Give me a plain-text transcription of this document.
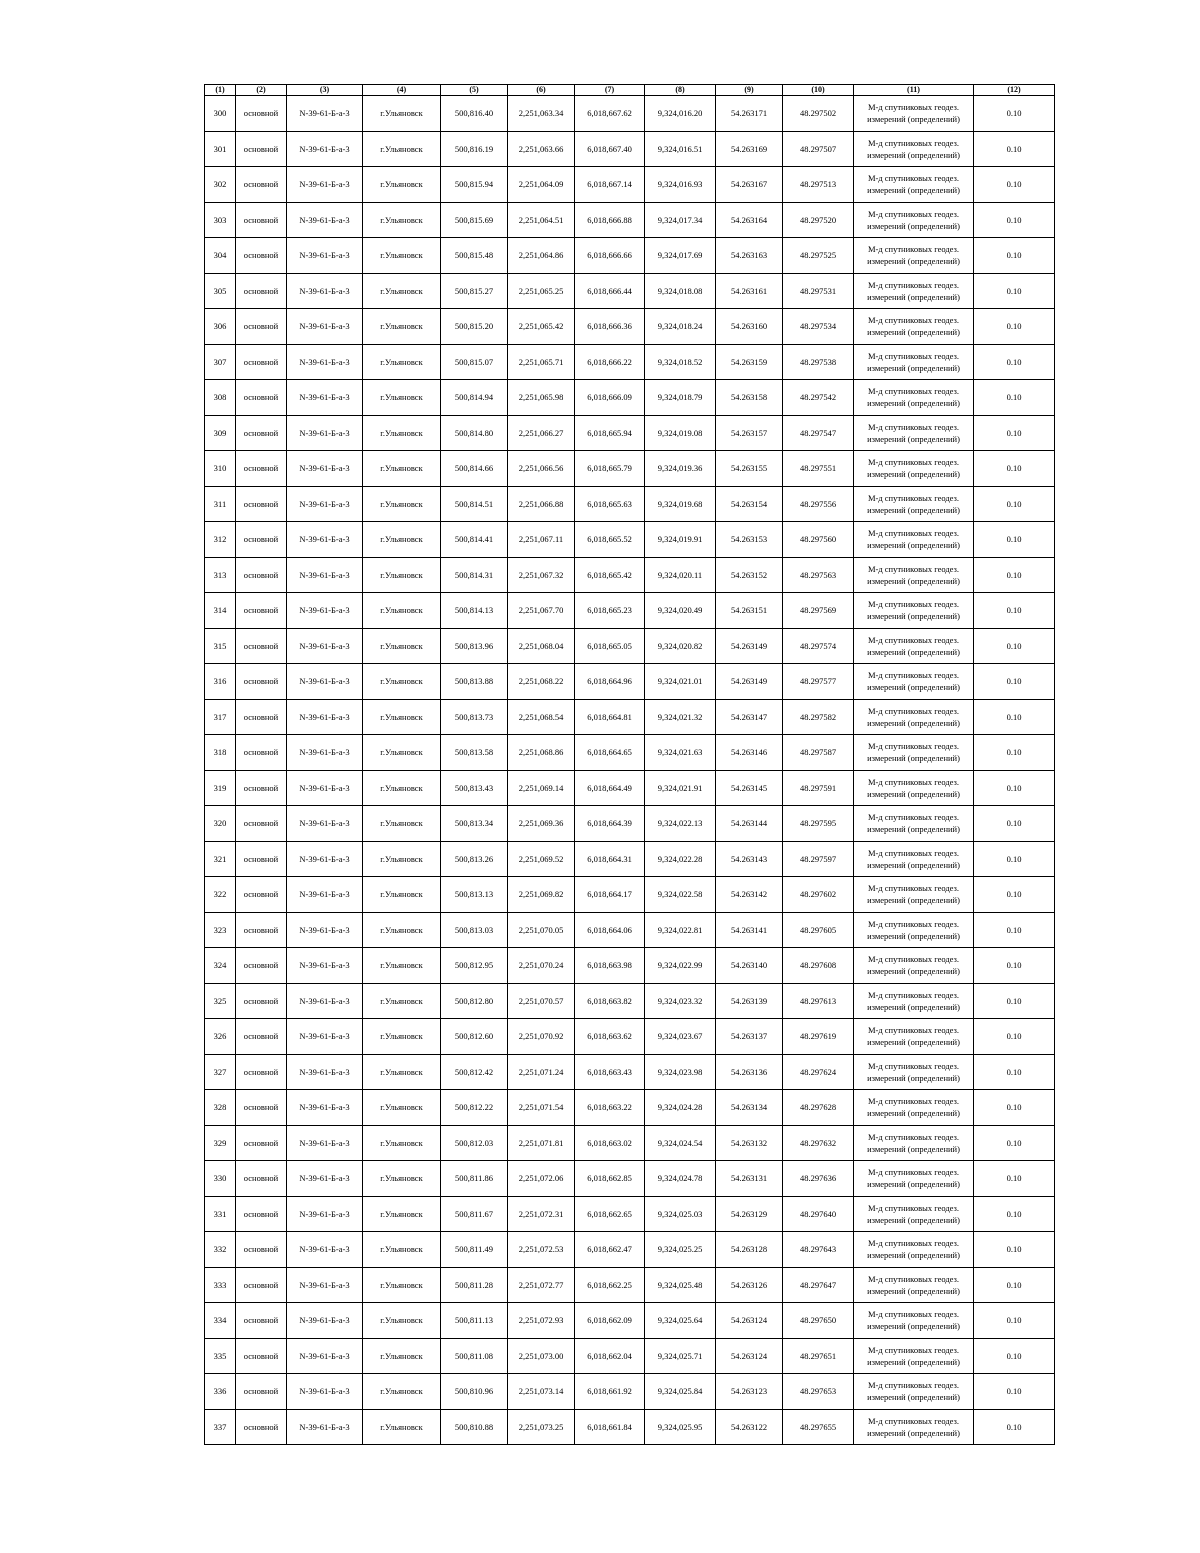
(1)	(2)	(3)	(4)	(5)	(6)	(7)	(8)	(9)	(10)	(11)	(12)
300	основной	N-39-61-Б-а-3	г.Ульяновск	500,816.40	2,251,063.34	6,018,667.62	9,324,016.20	54.263171	48.297502	М-д спутниковых геодез. измерений (определений)	0.10
301	основной	N-39-61-Б-а-3	г.Ульяновск	500,816.19	2,251,063.66	6,018,667.40	9,324,016.51	54.263169	48.297507	М-д спутниковых геодез. измерений (определений)	0.10
302	основной	N-39-61-Б-а-3	г.Ульяновск	500,815.94	2,251,064.09	6,018,667.14	9,324,016.93	54.263167	48.297513	М-д спутниковых геодез. измерений (определений)	0.10
303	основной	N-39-61-Б-а-3	г.Ульяновск	500,815.69	2,251,064.51	6,018,666.88	9,324,017.34	54.263164	48.297520	М-д спутниковых геодез. измерений (определений)	0.10
304	основной	N-39-61-Б-а-3	г.Ульяновск	500,815.48	2,251,064.86	6,018,666.66	9,324,017.69	54.263163	48.297525	М-д спутниковых геодез. измерений (определений)	0.10
305	основной	N-39-61-Б-а-3	г.Ульяновск	500,815.27	2,251,065.25	6,018,666.44	9,324,018.08	54.263161	48.297531	М-д спутниковых геодез. измерений (определений)	0.10
306	основной	N-39-61-Б-а-3	г.Ульяновск	500,815.20	2,251,065.42	6,018,666.36	9,324,018.24	54.263160	48.297534	М-д спутниковых геодез. измерений (определений)	0.10
307	основной	N-39-61-Б-а-3	г.Ульяновск	500,815.07	2,251,065.71	6,018,666.22	9,324,018.52	54.263159	48.297538	М-д спутниковых геодез. измерений (определений)	0.10
308	основной	N-39-61-Б-а-3	г.Ульяновск	500,814.94	2,251,065.98	6,018,666.09	9,324,018.79	54.263158	48.297542	М-д спутниковых геодез. измерений (определений)	0.10
309	основной	N-39-61-Б-а-3	г.Ульяновск	500,814.80	2,251,066.27	6,018,665.94	9,324,019.08	54.263157	48.297547	М-д спутниковых геодез. измерений (определений)	0.10
310	основной	N-39-61-Б-а-3	г.Ульяновск	500,814.66	2,251,066.56	6,018,665.79	9,324,019.36	54.263155	48.297551	М-д спутниковых геодез. измерений (определений)	0.10
311	основной	N-39-61-Б-а-3	г.Ульяновск	500,814.51	2,251,066.88	6,018,665.63	9,324,019.68	54.263154	48.297556	М-д спутниковых геодез. измерений (определений)	0.10
312	основной	N-39-61-Б-а-3	г.Ульяновск	500,814.41	2,251,067.11	6,018,665.52	9,324,019.91	54.263153	48.297560	М-д спутниковых геодез. измерений (определений)	0.10
313	основной	N-39-61-Б-а-3	г.Ульяновск	500,814.31	2,251,067.32	6,018,665.42	9,324,020.11	54.263152	48.297563	М-д спутниковых геодез. измерений (определений)	0.10
314	основной	N-39-61-Б-а-3	г.Ульяновск	500,814.13	2,251,067.70	6,018,665.23	9,324,020.49	54.263151	48.297569	М-д спутниковых геодез. измерений (определений)	0.10
315	основной	N-39-61-Б-а-3	г.Ульяновск	500,813.96	2,251,068.04	6,018,665.05	9,324,020.82	54.263149	48.297574	М-д спутниковых геодез. измерений (определений)	0.10
316	основной	N-39-61-Б-а-3	г.Ульяновск	500,813.88	2,251,068.22	6,018,664.96	9,324,021.01	54.263149	48.297577	М-д спутниковых геодез. измерений (определений)	0.10
317	основной	N-39-61-Б-а-3	г.Ульяновск	500,813.73	2,251,068.54	6,018,664.81	9,324,021.32	54.263147	48.297582	М-д спутниковых геодез. измерений (определений)	0.10
318	основной	N-39-61-Б-а-3	г.Ульяновск	500,813.58	2,251,068.86	6,018,664.65	9,324,021.63	54.263146	48.297587	М-д спутниковых геодез. измерений (определений)	0.10
319	основной	N-39-61-Б-а-3	г.Ульяновск	500,813.43	2,251,069.14	6,018,664.49	9,324,021.91	54.263145	48.297591	М-д спутниковых геодез. измерений (определений)	0.10
320	основной	N-39-61-Б-а-3	г.Ульяновск	500,813.34	2,251,069.36	6,018,664.39	9,324,022.13	54.263144	48.297595	М-д спутниковых геодез. измерений (определений)	0.10
321	основной	N-39-61-Б-а-3	г.Ульяновск	500,813.26	2,251,069.52	6,018,664.31	9,324,022.28	54.263143	48.297597	М-д спутниковых геодез. измерений (определений)	0.10
322	основной	N-39-61-Б-а-3	г.Ульяновск	500,813.13	2,251,069.82	6,018,664.17	9,324,022.58	54.263142	48.297602	М-д спутниковых геодез. измерений (определений)	0.10
323	основной	N-39-61-Б-а-3	г.Ульяновск	500,813.03	2,251,070.05	6,018,664.06	9,324,022.81	54.263141	48.297605	М-д спутниковых геодез. измерений (определений)	0.10
324	основной	N-39-61-Б-а-3	г.Ульяновск	500,812.95	2,251,070.24	6,018,663.98	9,324,022.99	54.263140	48.297608	М-д спутниковых геодез. измерений (определений)	0.10
325	основной	N-39-61-Б-а-3	г.Ульяновск	500,812.80	2,251,070.57	6,018,663.82	9,324,023.32	54.263139	48.297613	М-д спутниковых геодез. измерений (определений)	0.10
326	основной	N-39-61-Б-а-3	г.Ульяновск	500,812.60	2,251,070.92	6,018,663.62	9,324,023.67	54.263137	48.297619	М-д спутниковых геодез. измерений (определений)	0.10
327	основной	N-39-61-Б-а-3	г.Ульяновск	500,812.42	2,251,071.24	6,018,663.43	9,324,023.98	54.263136	48.297624	М-д спутниковых геодез. измерений (определений)	0.10
328	основной	N-39-61-Б-а-3	г.Ульяновск	500,812.22	2,251,071.54	6,018,663.22	9,324,024.28	54.263134	48.297628	М-д спутниковых геодез. измерений (определений)	0.10
329	основной	N-39-61-Б-а-3	г.Ульяновск	500,812.03	2,251,071.81	6,018,663.02	9,324,024.54	54.263132	48.297632	М-д спутниковых геодез. измерений (определений)	0.10
330	основной	N-39-61-Б-а-3	г.Ульяновск	500,811.86	2,251,072.06	6,018,662.85	9,324,024.78	54.263131	48.297636	М-д спутниковых геодез. измерений (определений)	0.10
331	основной	N-39-61-Б-а-3	г.Ульяновск	500,811.67	2,251,072.31	6,018,662.65	9,324,025.03	54.263129	48.297640	М-д спутниковых геодез. измерений (определений)	0.10
332	основной	N-39-61-Б-а-3	г.Ульяновск	500,811.49	2,251,072.53	6,018,662.47	9,324,025.25	54.263128	48.297643	М-д спутниковых геодез. измерений (определений)	0.10
333	основной	N-39-61-Б-а-3	г.Ульяновск	500,811.28	2,251,072.77	6,018,662.25	9,324,025.48	54.263126	48.297647	М-д спутниковых геодез. измерений (определений)	0.10
334	основной	N-39-61-Б-а-3	г.Ульяновск	500,811.13	2,251,072.93	6,018,662.09	9,324,025.64	54.263124	48.297650	М-д спутниковых геодез. измерений (определений)	0.10
335	основной	N-39-61-Б-а-3	г.Ульяновск	500,811.08	2,251,073.00	6,018,662.04	9,324,025.71	54.263124	48.297651	М-д спутниковых геодез. измерений (определений)	0.10
336	основной	N-39-61-Б-а-3	г.Ульяновск	500,810.96	2,251,073.14	6,018,661.92	9,324,025.84	54.263123	48.297653	М-д спутниковых геодез. измерений (определений)	0.10
337	основной	N-39-61-Б-а-3	г.Ульяновск	500,810.88	2,251,073.25	6,018,661.84	9,324,025.95	54.263122	48.297655	М-д спутниковых геодез. измерений (определений)	0.10
